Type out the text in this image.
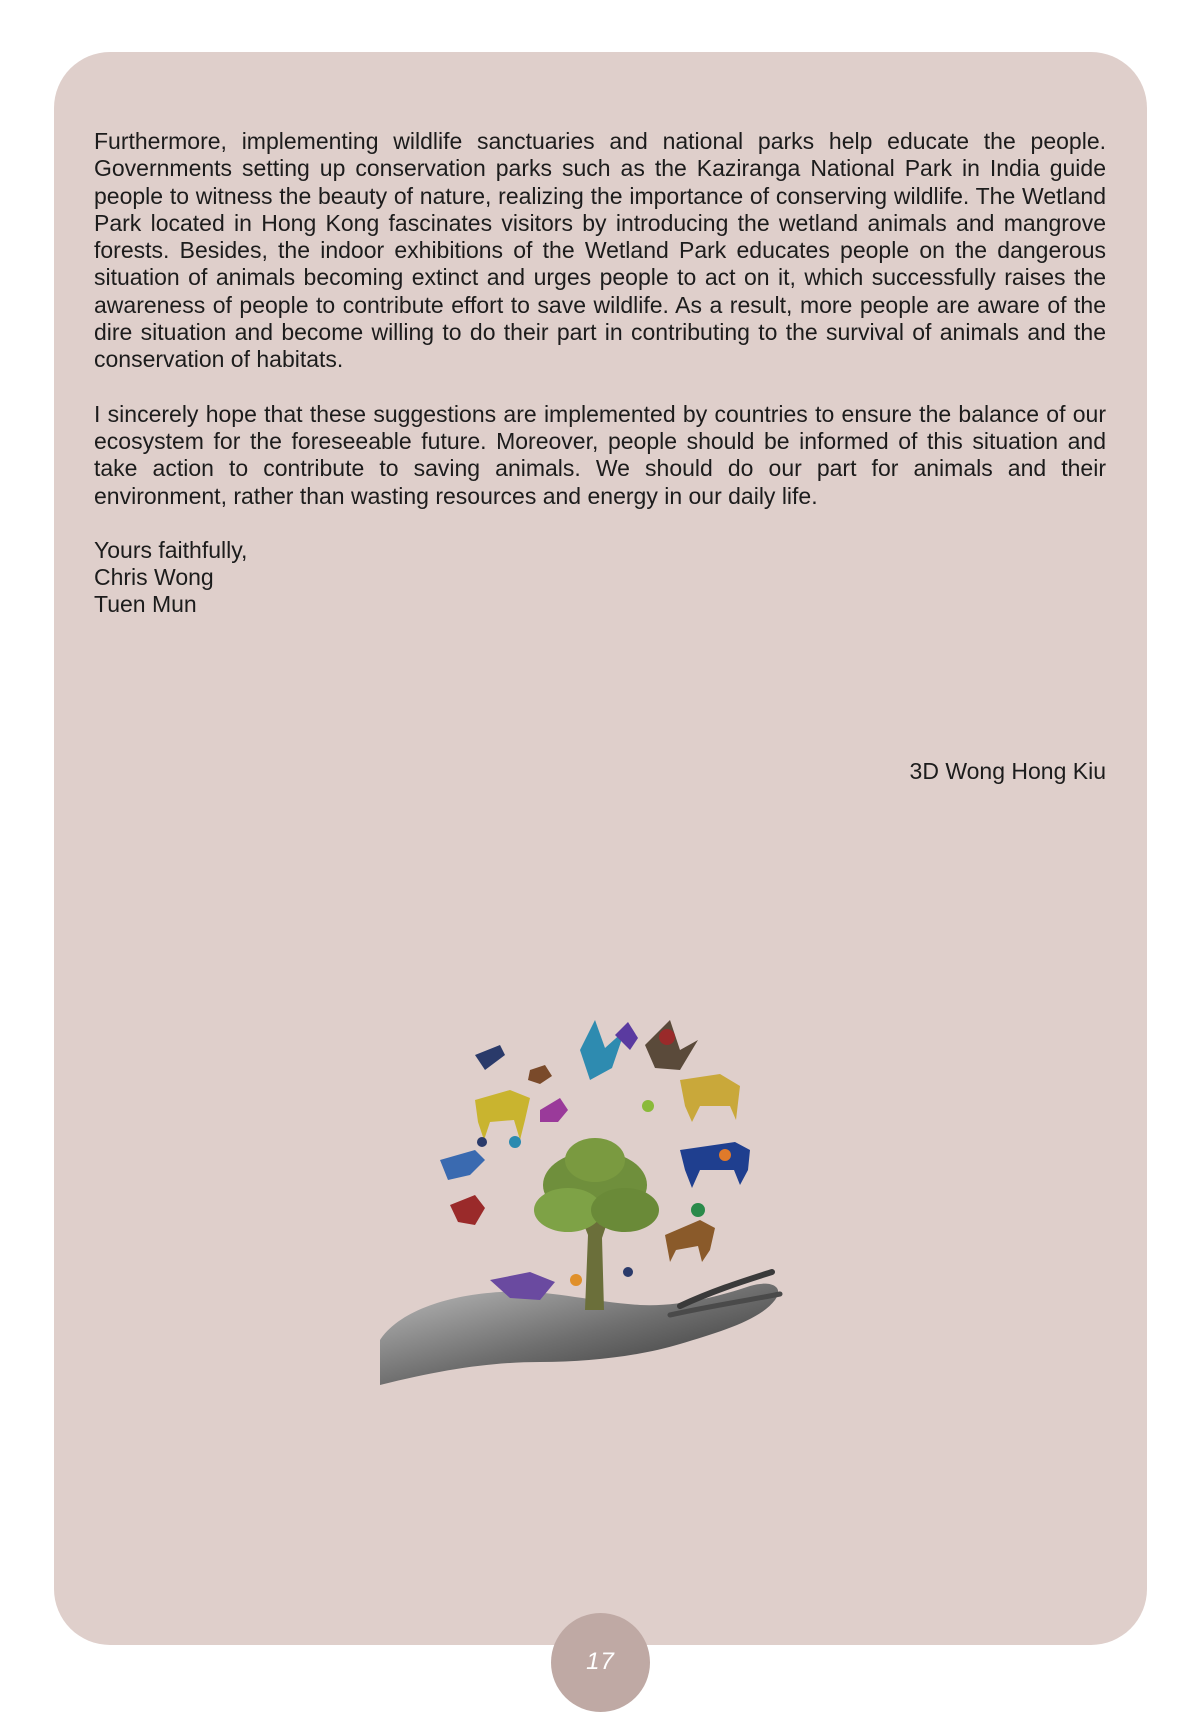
Furthermore, implementing wildlife sanctuaries and national parks help educate the people. Governments setting up conservation parks such as the Kaziranga National Park in India guide people to witness the beauty of nature, realizing the importance of conserving wildlife. The Wetland Park located in Hong Kong fascinates visitors by introducing the wetland animals and mangrove forests. Besides, the indoor exhibitions of the Wetland Park educates people on the dangerous situation of animals becoming extinct and urges people to act on it, which successfully raises the awareness of people to contribute effort to save wildlife. As a result, more people are aware of the dire situation and become willing to do their part in contributing to the survival of animals and the conservation of habitats.

I sincerely hope that these suggestions are implemented by countries to ensure the balance of our ecosystem for the foreseeable future. Moreover, people should be informed of this situation and take action to contribute to saving animals. We should do our part for animals and their environment, rather than wasting resources and energy in our daily life.

Yours faithfully,
Chris Wong
Tuen Mun
3D Wong Hong Kiu
17
